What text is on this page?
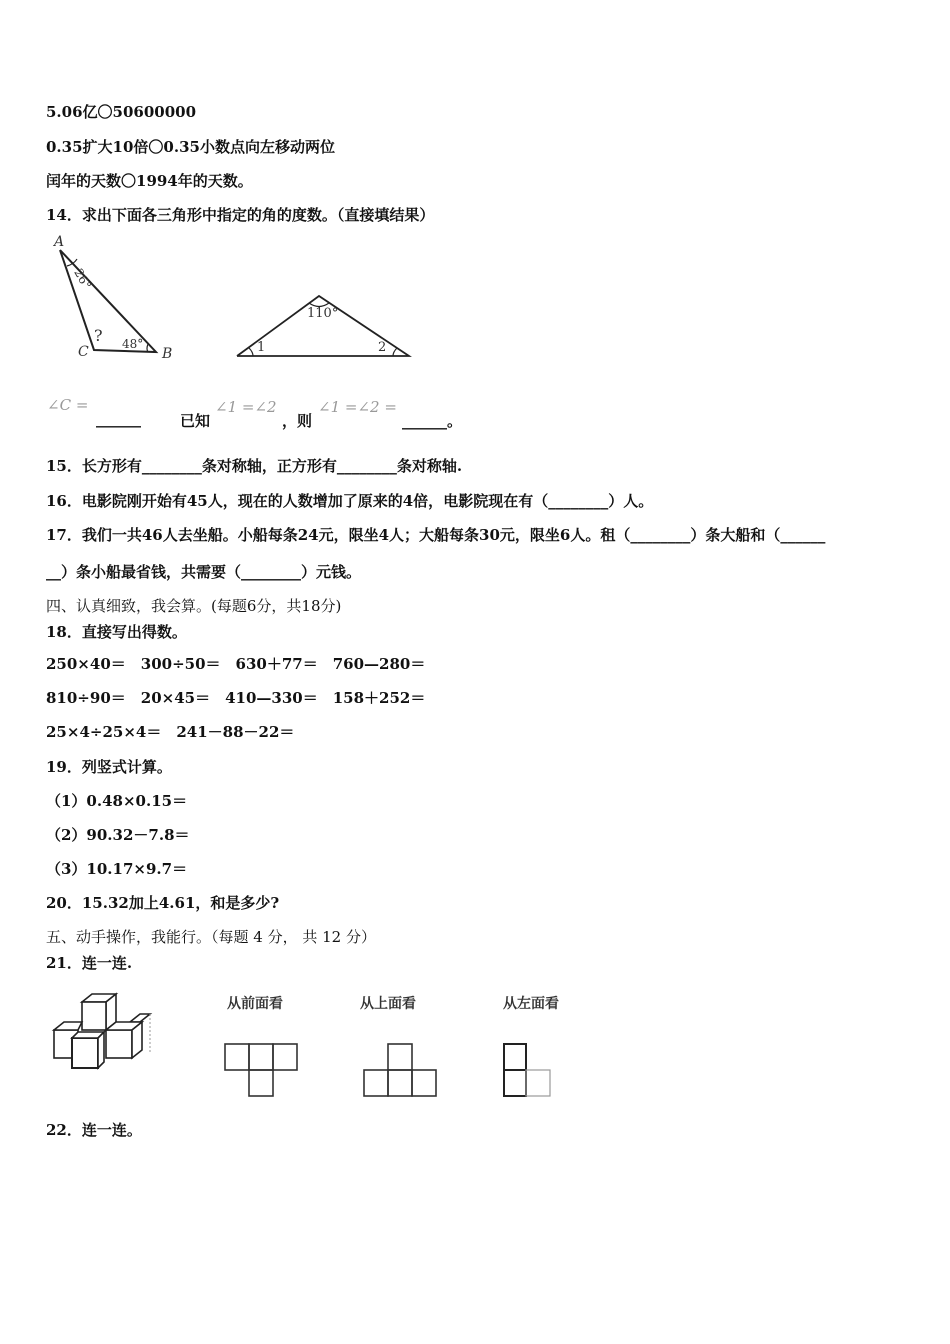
5.06亿〇50600000
0.35扩大10倍〇0.35小数点向左移动两位
闰年的天数〇1994年的天数。
14．求出下面各三角形中指定的角的度数。（直接填结果）
A
26°
? 48°
C	B
110°
1	2
∠C =
______	已知
∠1 =∠2
，则
∠1 =∠2 =
______。
15．长方形有________条对称轴，正方形有________条对称轴.
16．电影院刚开始有45人，现在的人数增加了原来的4倍，电影院现在有（________）人。
17．我们一共46人去坐船。小船每条24元，限坐4人；大船每条30元，限坐6人。租（________）条大船和（______
__）条小船最省钱，共需要（________）元钱。
四、认真细致，我会算。(每题6分，共18分)
18．直接写出得数。
250×40＝　300÷50＝　630＋77＝　760—280＝
810÷90＝　20×45＝　410—330＝　158＋252＝
25×4÷25×4＝　241－88－22＝
19．列竖式计算。
（1）0.48×0.15＝
（2）90.32－7.8＝
（3）10.17×9.7＝
20．15.32加上4.61，和是多少?
五、动手操作，我能行。（每题 4 分， 共 12 分）
21．连一连.
从前面看	从上面看	从左面看
22．连一连。
